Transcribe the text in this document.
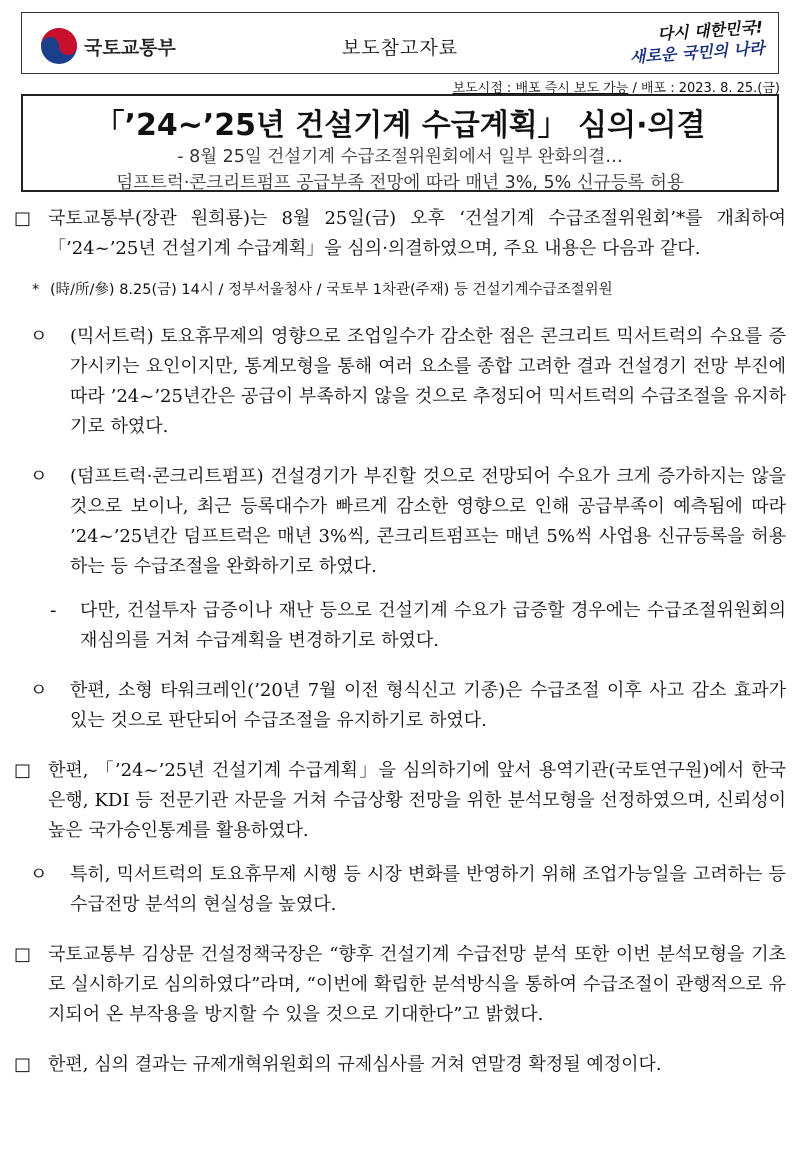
국토교통부	보도참고자료
다시 대한민국!
새로운 국민의 나라
보도시점 : 배포 즉시 보도 가능 / 배포 : 2023. 8. 25.(금)
「’24~’25년 건설기계 수급계획」 심의·의결
- 8월 25일 건설기계 수급조절위원회에서 일부 완화의결…
덤프트럭·콘크리트펌프 공급부족 전망에 따라 매년 3%, 5% 신규등록 허용
□ 국토교통부(장관 원희룡)는 8월 25일(금) 오후 ‘건설기계 수급조절위원회’*를 개최하여 「’24~’25년 건설기계 수급계획」을 심의·의결하였으며, 주요 내용은 다음과 같다.
* (時/所/參) 8.25(금) 14시 / 정부서울청사 / 국토부 1차관(주재) 등 건설기계수급조절위원
ㅇ (믹서트럭) 토요휴무제의 영향으로 조업일수가 감소한 점은 콘크리트 믹서트럭의 수요를 증가시키는 요인이지만, 통계모형을 통해 여러 요소를 종합 고려한 결과 건설경기 전망 부진에 따라 ’24~’25년간은 공급이 부족하지 않을 것으로 추정되어 믹서트럭의 수급조절을 유지하기로 하였다.
ㅇ (덤프트럭·콘크리트펌프) 건설경기가 부진할 것으로 전망되어 수요가 크게 증가하지는 않을 것으로 보이나, 최근 등록대수가 빠르게 감소한 영향으로 인해 공급부족이 예측됨에 따라 ’24~’25년간 덤프트럭은 매년 3%씩, 콘크리트펌프는 매년 5%씩 사업용 신규등록을 허용하는 등 수급조절을 완화하기로 하였다.
- 다만, 건설투자 급증이나 재난 등으로 건설기계 수요가 급증할 경우에는 수급조절위원회의 재심의를 거쳐 수급계획을 변경하기로 하였다.
ㅇ 한편, 소형 타워크레인(’20년 7월 이전 형식신고 기종)은 수급조절 이후 사고 감소 효과가 있는 것으로 판단되어 수급조절을 유지하기로 하였다.
□ 한편, 「’24~’25년 건설기계 수급계획」을 심의하기에 앞서 용역기관(국토연구원)에서 한국은행, KDI 등 전문기관 자문을 거쳐 수급상황 전망을 위한 분석모형을 선정하였으며, 신뢰성이 높은 국가승인통계를 활용하였다.
ㅇ 특히, 믹서트럭의 토요휴무제 시행 등 시장 변화를 반영하기 위해 조업가능일을 고려하는 등 수급전망 분석의 현실성을 높였다.
□ 국토교통부 김상문 건설정책국장은 “향후 건설기계 수급전망 분석 또한 이번 분석모형을 기초로 실시하기로 심의하였다”라며, “이번에 확립한 분석방식을 통하여 수급조절이 관행적으로 유지되어 온 부작용을 방지할 수 있을 것으로 기대한다”고 밝혔다.
□ 한편, 심의 결과는 규제개혁위원회의 규제심사를 거쳐 연말경 확정될 예정이다.
